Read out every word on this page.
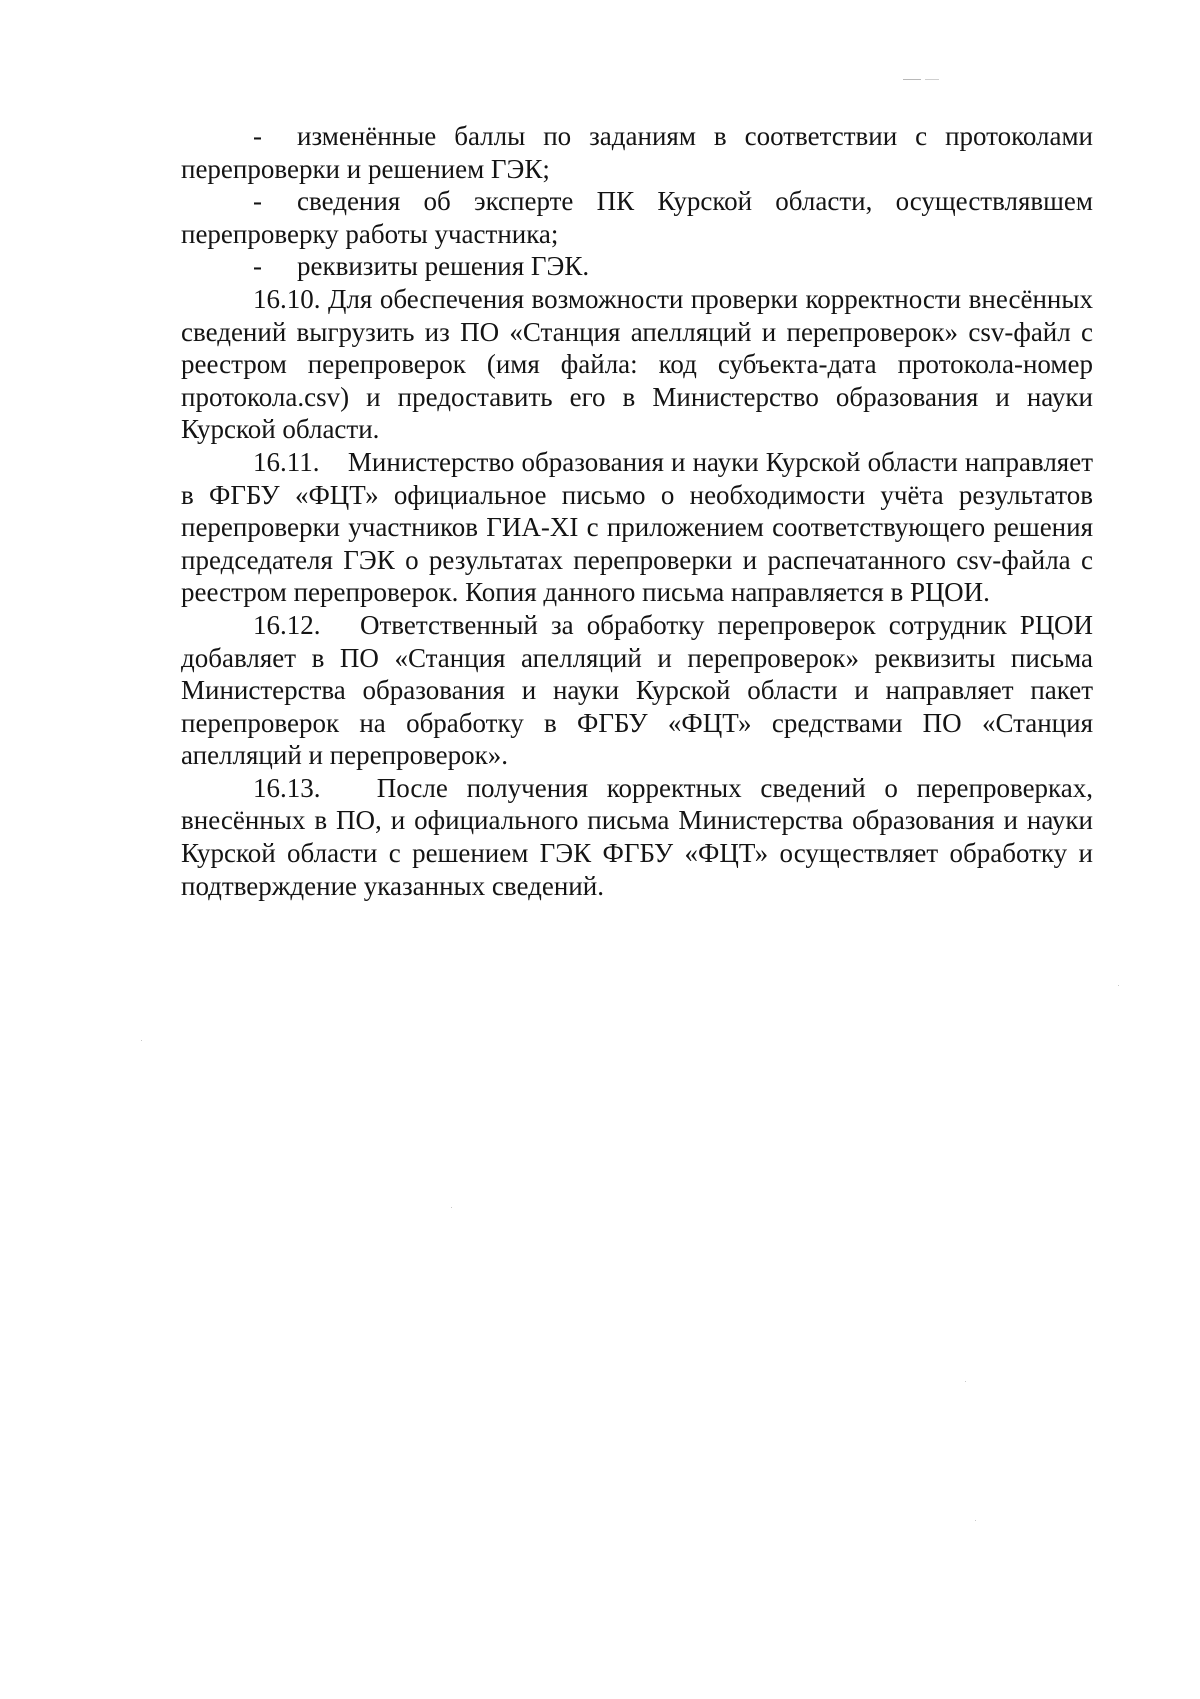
- изменённые баллы по заданиям в соответствии с протоколами перепроверки и решением ГЭК;

- сведения об эксперте ПК Курской области, осуществлявшем перепроверку работы участника;

- реквизиты решения ГЭК.

16.10. Для обеспечения возможности проверки корректности внесённых сведений выгрузить из ПО «Станция апелляций и перепроверок» csv-файл с реестром перепроверок (имя файла: код субъекта-дата протокола-номер протокола.csv) и предоставить его в Министерство образования и науки Курской области.

16.11. Министерство образования и науки Курской области направляет в ФГБУ «ФЦТ» официальное письмо о необходимости учёта результатов перепроверки участников ГИА-XI с приложением соответствующего решения председателя ГЭК о результатах перепроверки и распечатанного csv-файла с реестром перепроверок. Копия данного письма направляется в РЦОИ.

16.12. Ответственный за обработку перепроверок сотрудник РЦОИ добавляет в ПО «Станция апелляций и перепроверок» реквизиты письма Министерства образования и науки Курской области и направляет пакет перепроверок на обработку в ФГБУ «ФЦТ» средствами ПО «Станция апелляций и перепроверок».

16.13. После получения корректных сведений о перепроверках, внесённых в ПО, и официального письма Министерства образования и науки Курской области с решением ГЭК ФГБУ «ФЦТ» осуществляет обработку и подтверждение указанных сведений.
